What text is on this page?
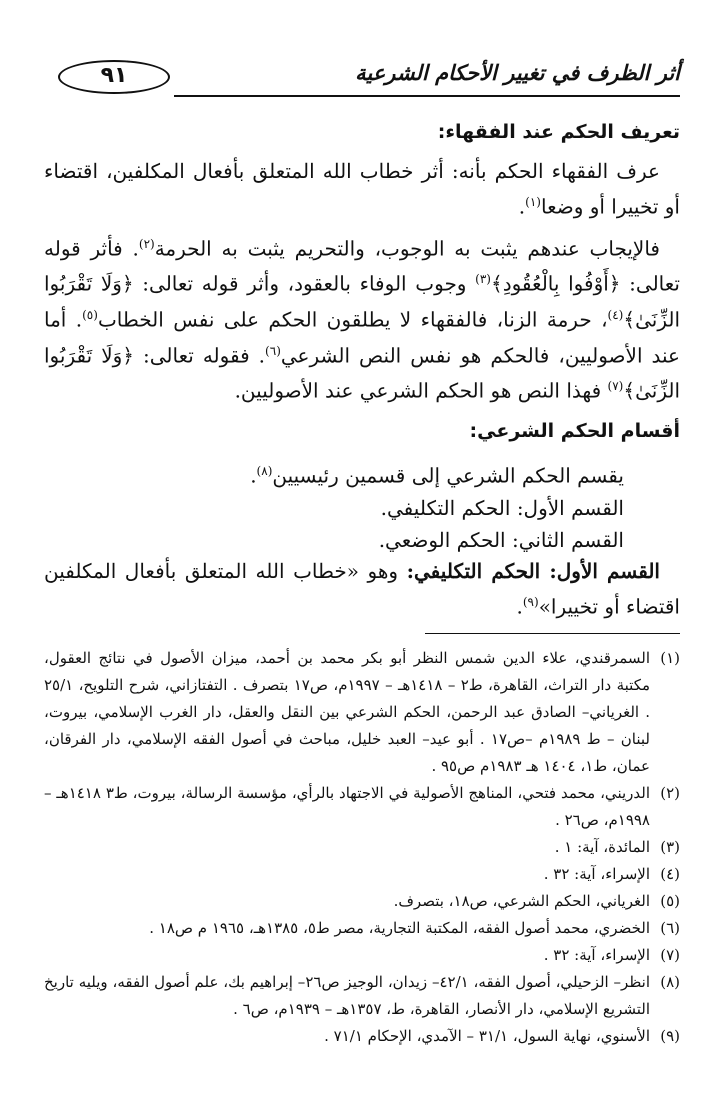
٩١	أثر الظرف في تغيير الأحكام الشرعية
تعريف الحكم عند الفقهاء:

عرف الفقهاء الحكم بأنه: أثر خطاب الله المتعلق بأفعال المكلفين، اقتضاء أو تخييرا أو وضعا$^{(١)}$.

فالإيجاب عندهم يثبت به الوجوب، والتحريم يثبت به الحرمة$^{(٢)}$. فأثر قوله تعالى: ﴿أَوْفُوا بِالْعُقُودِ﴾$^{(٣)}$ وجوب الوفاء بالعقود، وأثر قوله تعالى: ﴿وَلَا تَقْرَبُوا الزِّنَىٰ﴾$^{(٤)}$، حرمة الزنا، فالفقهاء لا يطلقون الحكم على نفس الخطاب$^{(٥)}$. أما عند الأصوليين، فالحكم هو نفس النص الشرعي$^{(٦)}$. فقوله تعالى: ﴿وَلَا تَقْرَبُوا الزِّنَىٰ﴾$^{(٧)}$ فهذا النص هو الحكم الشرعي عند الأصوليين.

أقسام الحكم الشرعي:

يقسم الحكم الشرعي إلى قسمين رئيسيين$^{(٨)}$.

القسم الأول: الحكم التكليفي.

القسم الثاني: الحكم الوضعي.

القسم الأول: الحكم التكليفي: وهو «خطاب الله المتعلق بأفعال المكلفين اقتضاء أو تخييرا»$^{(٩)}$.

(١)
السمرقندي، علاء الدين شمس النظر أبو بكر محمد بن أحمد، ميزان الأصول في نتائج العقول، مكتبة دار التراث، القاهرة، ط٢ – ١٤١٨هـ – ١٩٩٧م، ص١٧ بتصرف . التفتازاني، شرح التلويح، ٢٥/١ . الغرياني– الصادق عبد الرحمن، الحكم الشرعي بين النقل والعقل، دار الغرب الإسلامي، بيروت، لبنان – ط ١٩٨٩م –ص١٧ . أبو عيد– العبد خليل، مباحث في أصول الفقه الإسلامي، دار الفرقان، عمان، ط١، ١٤٠٤ هـ ١٩٨٣م ص٩٥ .
(٢)
الدريني، محمد فتحي، المناهج الأصولية في الاجتهاد بالرأي، مؤسسة الرسالة، بيروت، ط٣ ١٤١٨هـ – ١٩٩٨م، ص٢٦ .
(٣)
المائدة، آية: ١ .
(٤)
الإسراء، آية: ٣٢ .
(٥)
الغرياني، الحكم الشرعي، ص١٨، بتصرف.
(٦)
الخضري، محمد أصول الفقه، المكتبة التجارية، مصر ط٥، ١٣٨٥هـ، ١٩٦٥ م ص١٨ .
(٧)
الإسراء، آية: ٣٢ .
(٨)
انظر– الزحيلي، أصول الفقه، ٤٢/١– زيدان، الوجيز ص٢٦– إبراهيم بك، علم أصول الفقه، ويليه تاريخ التشريع الإسلامي، دار الأنصار، القاهرة، ط، ١٣٥٧هـ – ١٩٣٩م، ص٦ .
(٩)
الأسنوي، نهاية السول، ٣١/١ – الآمدي، الإحكام ٧١/١ .
